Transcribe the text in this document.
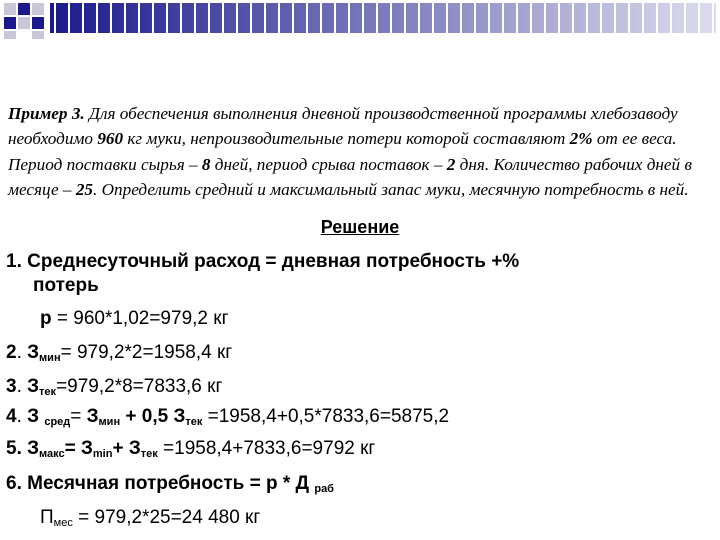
Пример 3. Для обеспечения выполнения дневной производственной программы хлебозаводу необходимо 960 кг муки, непроизводительные потери которой составляют 2% от ее веса. Период поставки сырья – 8 дней, период срыва поставок – 2 дня. Количество рабочих дней в месяце – 25. Определить средний и максимальный запас муки, месячную потребность в ней.
Решение
1. Среднесуточный расход = дневная потребность +%
потерь
p = 960*1,02=979,2 кг
2. $З_{мин}= 979,2*2=1958,4$ кг
3. $З_{тек}=979,2*8=7833,6$ кг
4. З $_{сред}= З_{мин} + 0,5$ $З_{тек} =1958,4+0,5*7833,6=5875,2$
5. $З_{макс}= З_{min}+ З_{тек} =1958,4+7833,6=9792$ кг
6. Месячная потребность = p * Д $_{раб}$
$П_{мес} = 979,2*25=24$ 480 кг
